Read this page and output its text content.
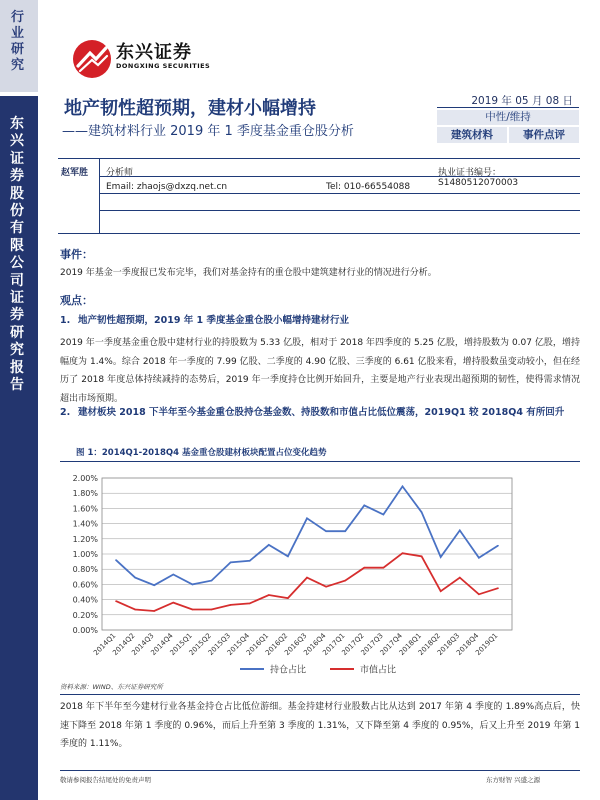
行业研究
东兴证券股份有限公司证券研究报告
东兴证券
DONGXING SECURITIES
地产韧性超预期，建材小幅增持
——建筑材料行业 2019 年 1 季度基金重仓股分析
2019 年 05 月 08 日
中性/维持
建筑材料	事件点评
赵军胜 分析师	执业证书编号：S1480512070003
Email: zhaojs@dxzq.net.cn	Tel: 010-66554088
事件：
2019 年基金一季度报已发布完毕，我们对基金持有的重仓股中建筑建材行业的情况进行分析。
观点：
1. 地产韧性超预期，2019 年 1 季度基金重仓股小幅增持建材行业
2019 年一季度基金重仓股中建材行业的持股数为 5.33 亿股，相对于 2018 年四季度的 5.25 亿股，增持股数为 0.07 亿股，增持幅度为 1.4%。综合 2018 年一季度的 7.99 亿股、二季度的 4.90 亿股、三季度的 6.61 亿股来看，增持股数虽变动较小，但在经历了 2018 年度总体持续减持的态势后，2019 年一季度持仓比例开始回升，主要是地产行业表现出超预期的韧性，使得需求情况超出市场预期。
2. 建材板块 2018 下半年至今基金重仓股持仓基金数、持股数和市值占比低位震荡，2019Q1 较 2018Q4 有所回升
图 1：2014Q1-2018Q4 基金重仓股建材板块配置占位变化趋势
0.00%
0.20%
0.40%
0.60%
0.80%
1.00%
1.20%
1.40%
1.60%
1.80%
2.00%
2014Q1
2014Q2
2014Q3
2014Q4
2015Q1
2015Q2
2015Q3
2015Q4
2016Q1
2016Q2
2016Q3
2016Q4
2017Q1
2017Q2
2017Q3
2017Q4
2018Q1
2018Q2
2018Q3
2018Q4
2019Q1
持仓占比	市值占比
资料来源：WIND、东兴证券研究所
2018 年下半年至今建材行业各基金持仓占比低位游细。基金持建材行业股数占比从达到 2017 年第 4 季度的 1.89%高点后，快速下降至 2018 年第 1 季度的 0.96%，而后上升至第 3 季度的 1.31%，又下降至第 4 季度的 0.95%，后又上升至 2019 年第 1 季度的 1.11%。
敬请参阅报告结尾处的免责声明	东方财智 兴盛之源
